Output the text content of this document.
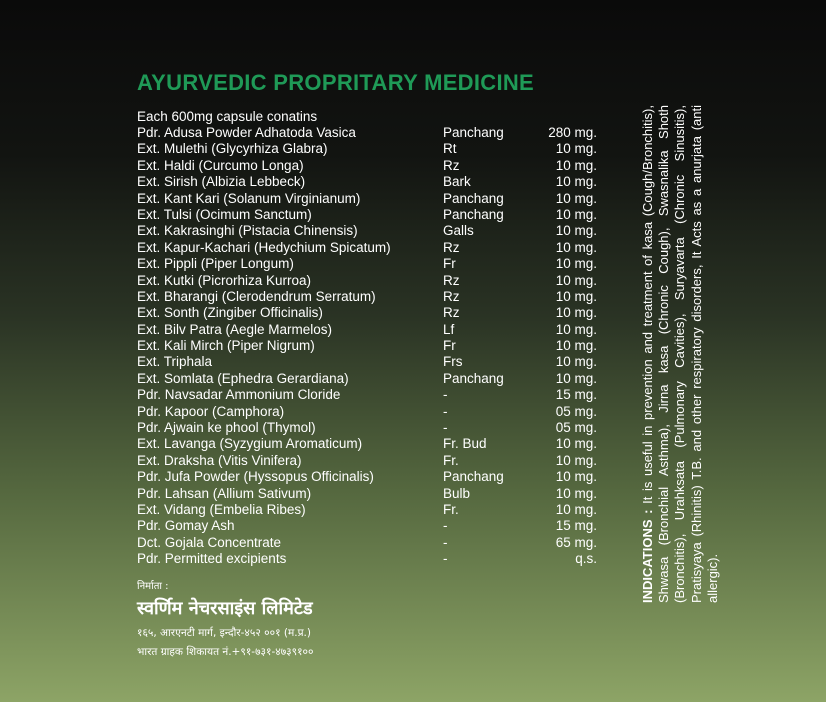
AYURVEDIC PROPRITARY MEDICINE
Each 600mg capsule conatins
Pdr. Adusa Powder Adhatoda Vasica	Panchang	280 mg.
Ext. Mulethi (Glycyrhiza Glabra)	Rt	10 mg.
Ext. Haldi (Curcumo Longa)	Rz	10 mg.
Ext. Sirish (Albizia Lebbeck)	Bark	10 mg.
Ext. Kant Kari (Solanum Virginianum)	Panchang	10 mg.
Ext. Tulsi (Ocimum Sanctum)	Panchang	10 mg.
Ext. Kakrasinghi (Pistacia Chinensis)	Galls	10 mg.
Ext. Kapur-Kachari (Hedychium Spicatum)	Rz	10 mg.
Ext. Pippli (Piper Longum)	Fr	10 mg.
Ext. Kutki (Picrorhiza Kurroa)	Rz	10 mg.
Ext. Bharangi (Clerodendrum Serratum)	Rz	10 mg.
Ext. Sonth (Zingiber Officinalis)	Rz	10 mg.
Ext. Bilv Patra (Aegle Marmelos)	Lf	10 mg.
Ext. Kali Mirch (Piper Nigrum)	Fr	10 mg.
Ext. Triphala	Frs	10 mg.
Ext. Somlata (Ephedra Gerardiana)	Panchang	10 mg.
Pdr. Navsadar Ammonium Cloride	-	15 mg.
Pdr. Kapoor (Camphora)	-	05 mg.
Pdr. Ajwain ke phool (Thymol)	-	05 mg.
Ext. Lavanga (Syzygium Aromaticum)	Fr. Bud	10 mg.
Ext. Draksha (Vitis Vinifera)	Fr.	10 mg.
Pdr. Jufa Powder (Hyssopus Officinalis)	Panchang	10 mg.
Pdr. Lahsan (Allium Sativum)	Bulb	10 mg.
Ext. Vidang (Embelia Ribes)	Fr.	10 mg.
Pdr. Gomay Ash	-	15 mg.
Dct. Gojala Concentrate	-	65 mg.
Pdr. Permitted excipients	-	q.s.
निर्माता :
स्वर्णिम नेचरसाइंस लिमिटेड
१६५, आरएनटी मार्ग, इन्दौर-४५२ ००१ (म.प्र.)
भारत ग्राहक शिकायत नं.+९१-७३१-४७३९१००
INDICATIONS : It is useful in prevention and treatment of kasa (Cough/Bronchitis), Shwasa (Bronchial Asthma), Jirna kasa (Chronic Cough), Swasnalika Shoth (Bronchitis), Urahksata (Pulmonary Cavities), Suryavarta (Chronic Sinusitis), Pratisyaya (Rhinitis) T.B. and other respiratory disorders, It Acts as a anurjata (anti allergic).
